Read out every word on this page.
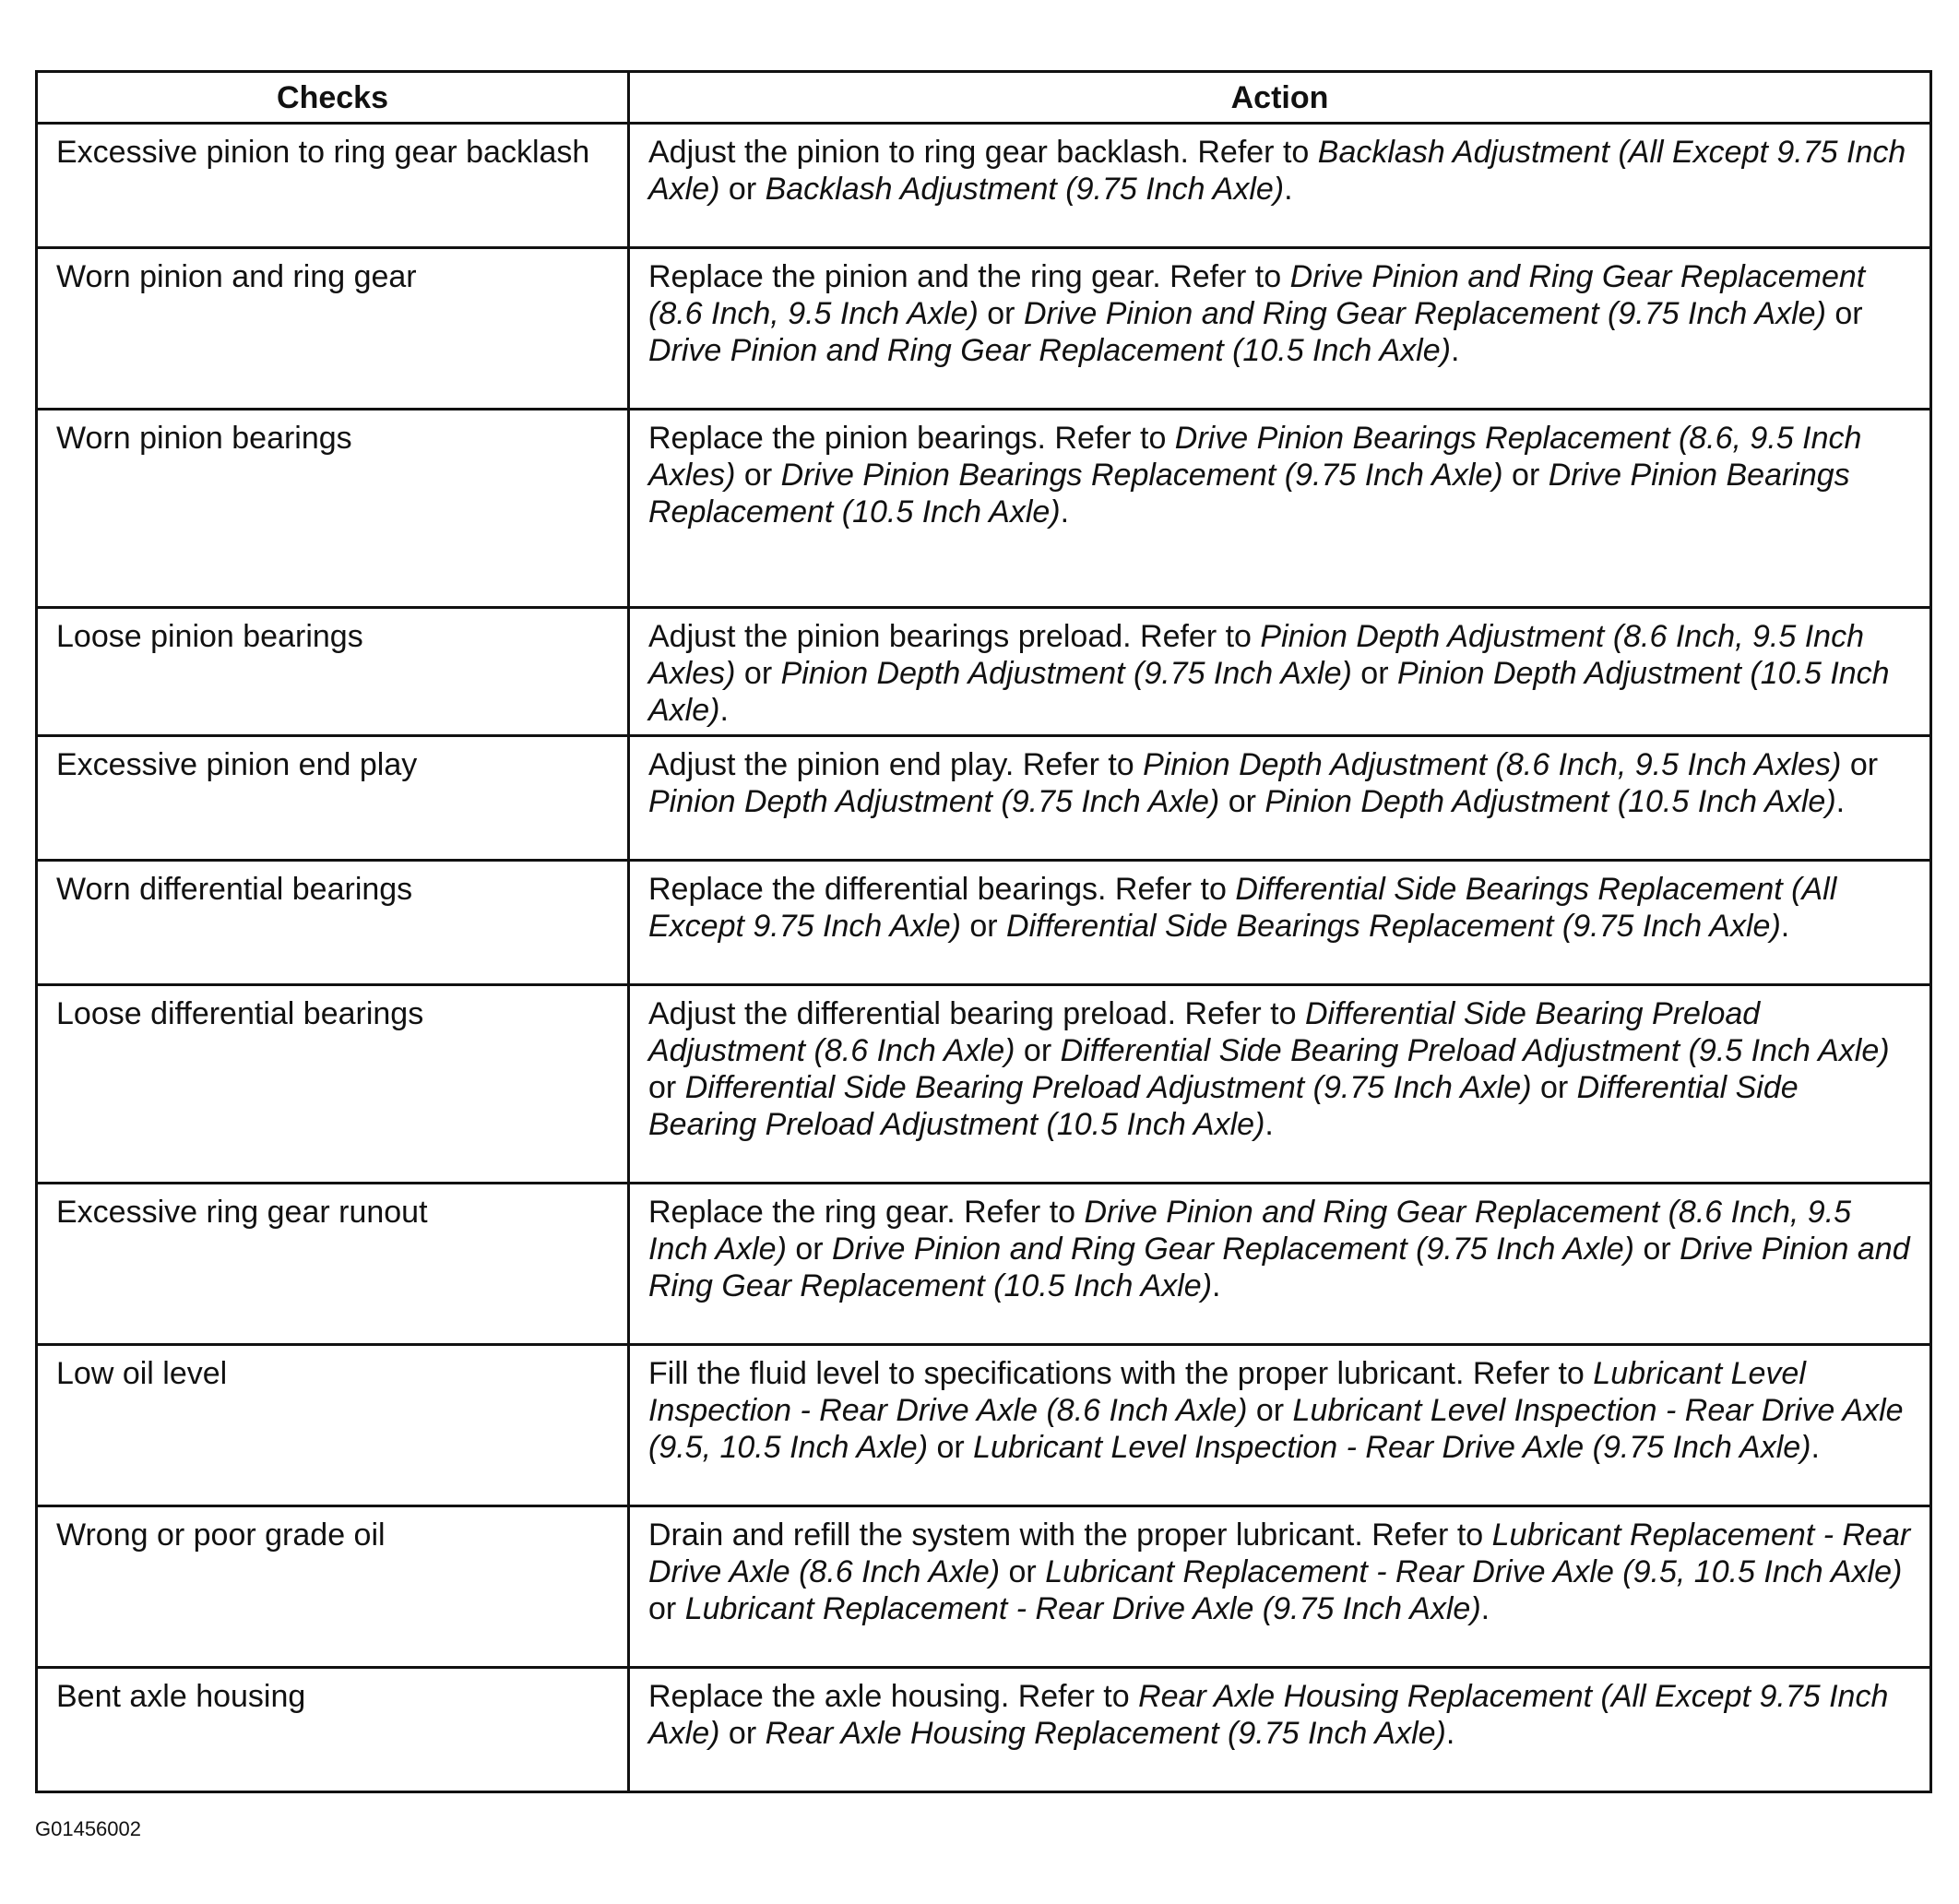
Checks	Action
Excessive pinion to ring gear backlash	Adjust the pinion to ring gear backlash. Refer to Backlash Adjustment (All Except 9.75 Inch Axle) or Backlash Adjustment (9.75 Inch Axle).
Worn pinion and ring gear	Replace the pinion and the ring gear. Refer to Drive Pinion and Ring Gear Replacement (8.6 Inch, 9.5 Inch Axle) or Drive Pinion and Ring Gear Replacement (9.75 Inch Axle) or Drive Pinion and Ring Gear Replacement (10.5 Inch Axle).
Worn pinion bearings	Replace the pinion bearings. Refer to Drive Pinion Bearings Replacement (8.6, 9.5 Inch Axles) or Drive Pinion Bearings Replacement (9.75 Inch Axle) or Drive Pinion Bearings Replacement (10.5 Inch Axle).
Loose pinion bearings	Adjust the pinion bearings preload. Refer to Pinion Depth Adjustment (8.6 Inch, 9.5 Inch Axles) or Pinion Depth Adjustment (9.75 Inch Axle) or Pinion Depth Adjustment (10.5 Inch Axle).
Excessive pinion end play	Adjust the pinion end play. Refer to Pinion Depth Adjustment (8.6 Inch, 9.5 Inch Axles) or Pinion Depth Adjustment (9.75 Inch Axle) or Pinion Depth Adjustment (10.5 Inch Axle).
Worn differential bearings	Replace the differential bearings. Refer to Differential Side Bearings Replacement (All Except 9.75 Inch Axle) or Differential Side Bearings Replacement (9.75 Inch Axle).
Loose differential bearings	Adjust the differential bearing preload. Refer to Differential Side Bearing Preload Adjustment (8.6 Inch Axle) or Differential Side Bearing Preload Adjustment (9.5 Inch Axle) or Differential Side Bearing Preload Adjustment (9.75 Inch Axle) or Differential Side Bearing Preload Adjustment (10.5 Inch Axle).
Excessive ring gear runout	Replace the ring gear. Refer to Drive Pinion and Ring Gear Replacement (8.6 Inch, 9.5 Inch Axle) or Drive Pinion and Ring Gear Replacement (9.75 Inch Axle) or Drive Pinion and Ring Gear Replacement (10.5 Inch Axle).
Low oil level	Fill the fluid level to specifications with the proper lubricant. Refer to Lubricant Level Inspection - Rear Drive Axle (8.6 Inch Axle) or Lubricant Level Inspection - Rear Drive Axle (9.5, 10.5 Inch Axle) or Lubricant Level Inspection - Rear Drive Axle (9.75 Inch Axle).
Wrong or poor grade oil	Drain and refill the system with the proper lubricant. Refer to Lubricant Replacement - Rear Drive Axle (8.6 Inch Axle) or Lubricant Replacement - Rear Drive Axle (9.5, 10.5 Inch Axle) or Lubricant Replacement - Rear Drive Axle (9.75 Inch Axle).
Bent axle housing	Replace the axle housing. Refer to Rear Axle Housing Replacement (All Except 9.75 Inch Axle) or Rear Axle Housing Replacement (9.75 Inch Axle).
G01456002
